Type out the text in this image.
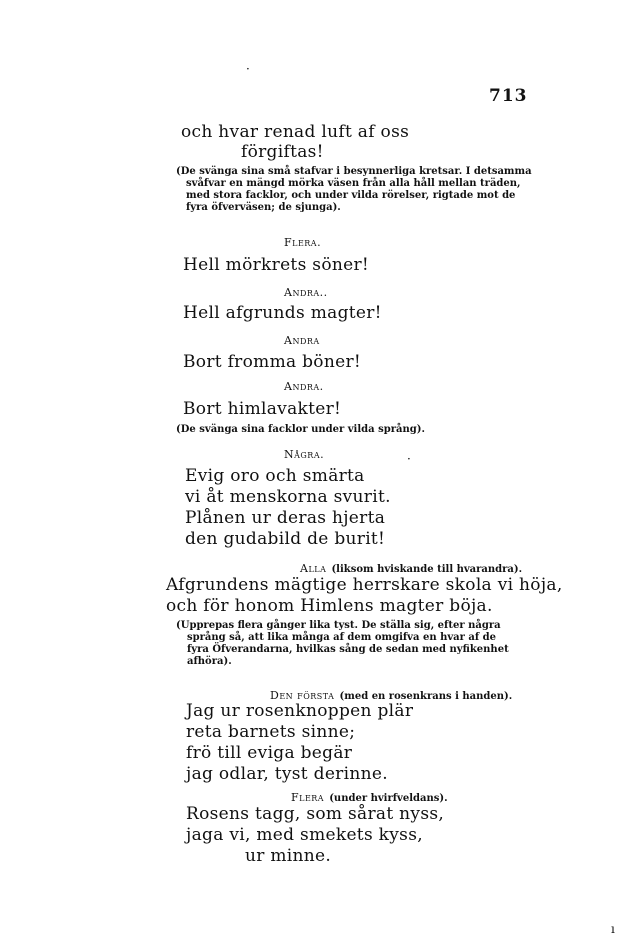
·
713
och hvar renad luft af oss
förgiftas!
(De svänga sina små stafvar i besynnerliga kretsar. I detsamma
svåfvar en mängd mörka väsen från alla håll mellan träden,
med stora facklor, och under vilda rörelser, rigtade mot de
fyra öfverväsen; de sjunga).
Flera.
Hell mörkrets söner!
Andra..
Hell afgrunds magter!
Andra
Bort fromma böner!
Andra.
Bort himlavakter!
(De svänga sina facklor under vilda språng).
Några.	·
Evig oro och smärta
vi åt menskorna svurit.
Plånen ur deras hjerta
den gudabild de burit!
Alla (liksom hviskande till hvarandra).
Afgrundens mägtige herrskare skola vi höja,
och för honom Himlens magter böja.
(Upprepas flera gånger lika tyst. De ställa sig, efter några
språng så, att lika många af dem omgifva en hvar af de
fyra Öfverandarna, hvilkas sång de sedan med nyfikenhet
afhöra).
Den första (med en rosenkrans i handen).
Jag ur rosenknoppen plär
reta barnets sinne;
frö till eviga begär
jag odlar, tyst derinne.
Flera (under hvirfveldans).
Rosens tagg, som sårat nyss,
jaga vi, med smekets kyss,
ur minne.
ı
